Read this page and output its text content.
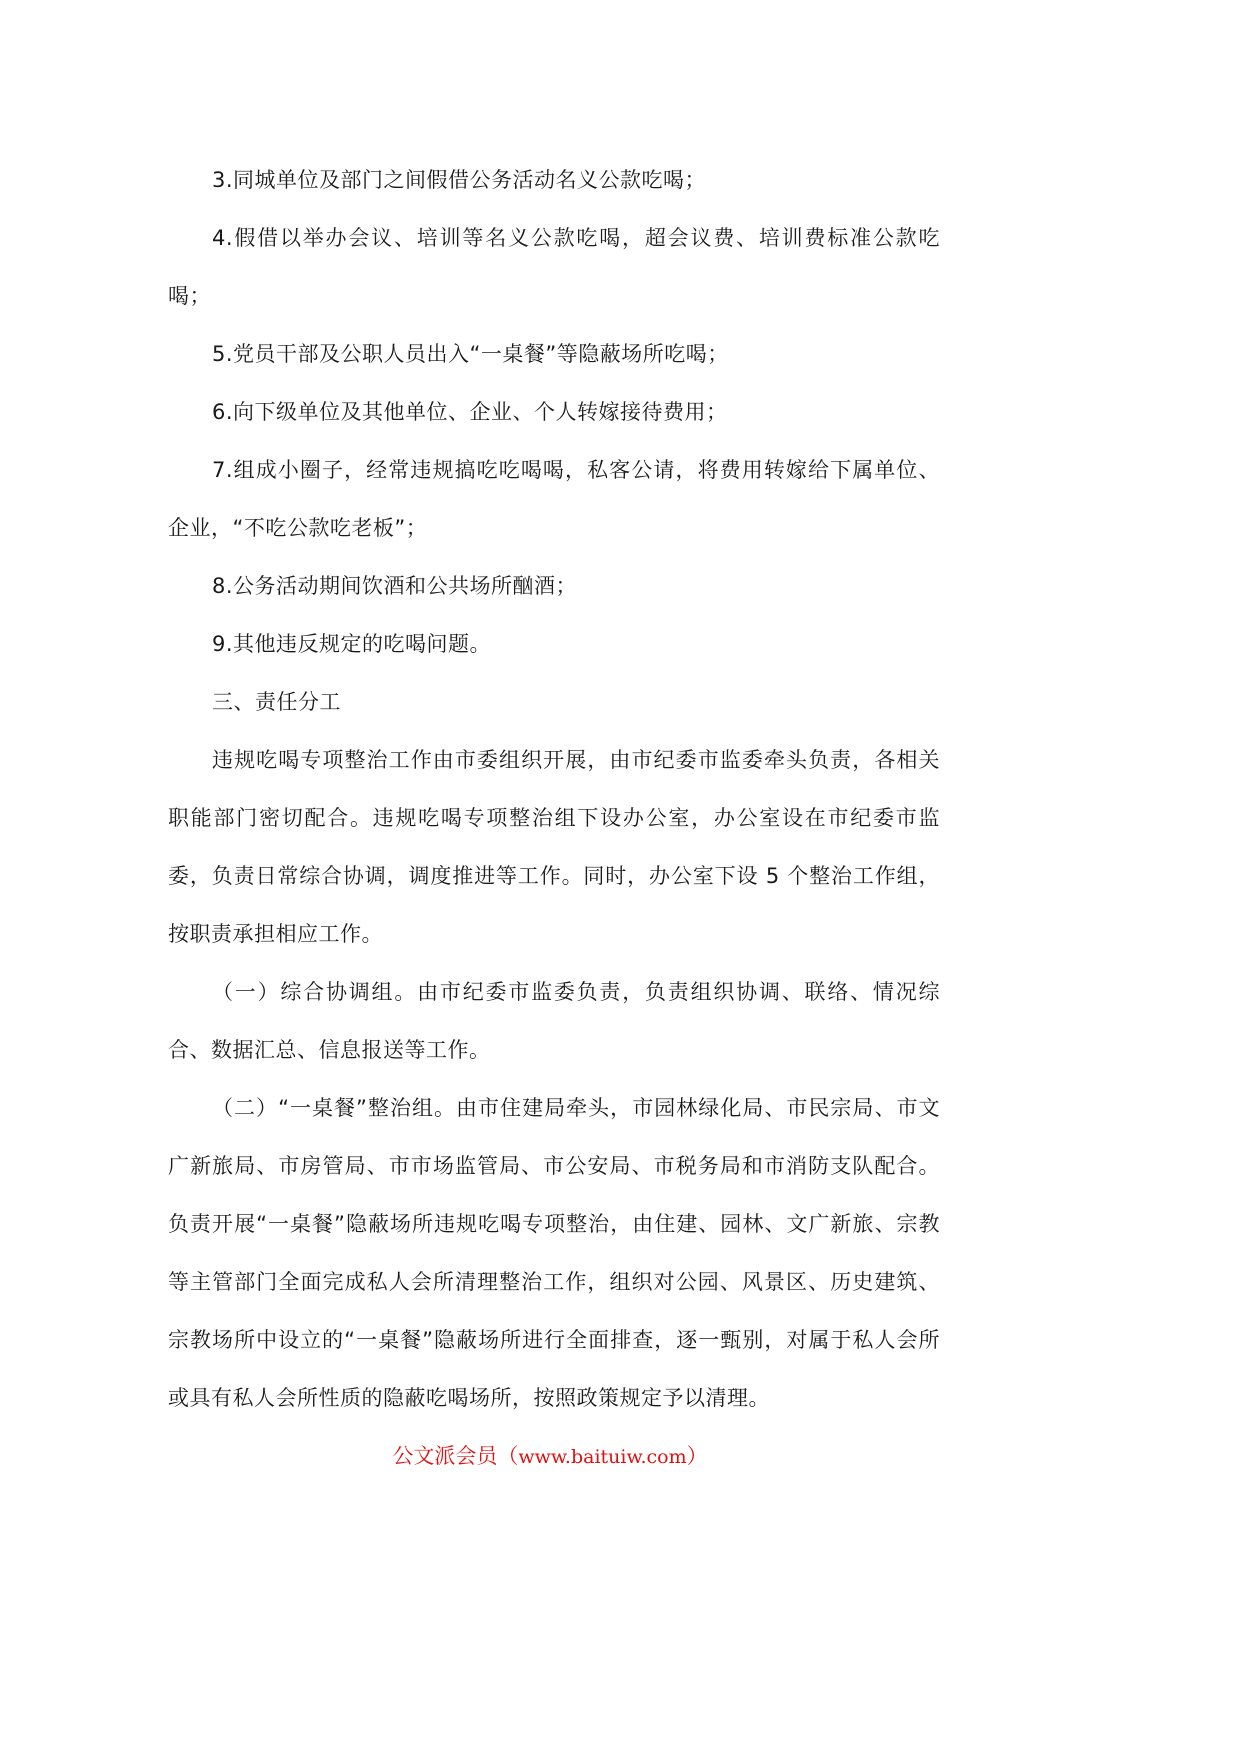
3.同城单位及部门之间假借公务活动名义公款吃喝；

4.假借以举办会议、培训等名义公款吃喝，超会议费、培训费标准公款吃喝；

5.党员干部及公职人员出入“一桌餐”等隐蔽场所吃喝；

6.向下级单位及其他单位、企业、个人转嫁接待费用；

7.组成小圈子，经常违规搞吃吃喝喝，私客公请，将费用转嫁给下属单位、企业，“不吃公款吃老板”；

8.公务活动期间饮酒和公共场所酗酒；

9.其他违反规定的吃喝问题。

三、责任分工

违规吃喝专项整治工作由市委组织开展，由市纪委市监委牵头负责，各相关职能部门密切配合。违规吃喝专项整治组下设办公室，办公室设在市纪委市监委，负责日常综合协调，调度推进等工作。同时，办公室下设 5 个整治工作组，按职责承担相应工作。

（一）综合协调组。由市纪委市监委负责，负责组织协调、联络、情况综合、数据汇总、信息报送等工作。

（二）“一桌餐”整治组。由市住建局牵头，市园林绿化局、市民宗局、市文广新旅局、市房管局、市市场监管局、市公安局、市税务局和市消防支队配合。负责开展“一桌餐”隐蔽场所违规吃喝专项整治，由住建、园林、文广新旅、宗教等主管部门全面完成私人会所清理整治工作，组织对公园、风景区、历史建筑、宗教场所中设立的“一桌餐”隐蔽场所进行全面排查，逐一甄别，对属于私人会所或具有私人会所性质的隐蔽吃喝场所，按照政策规定予以清理。

公文派会员（www.baituiw.com）
